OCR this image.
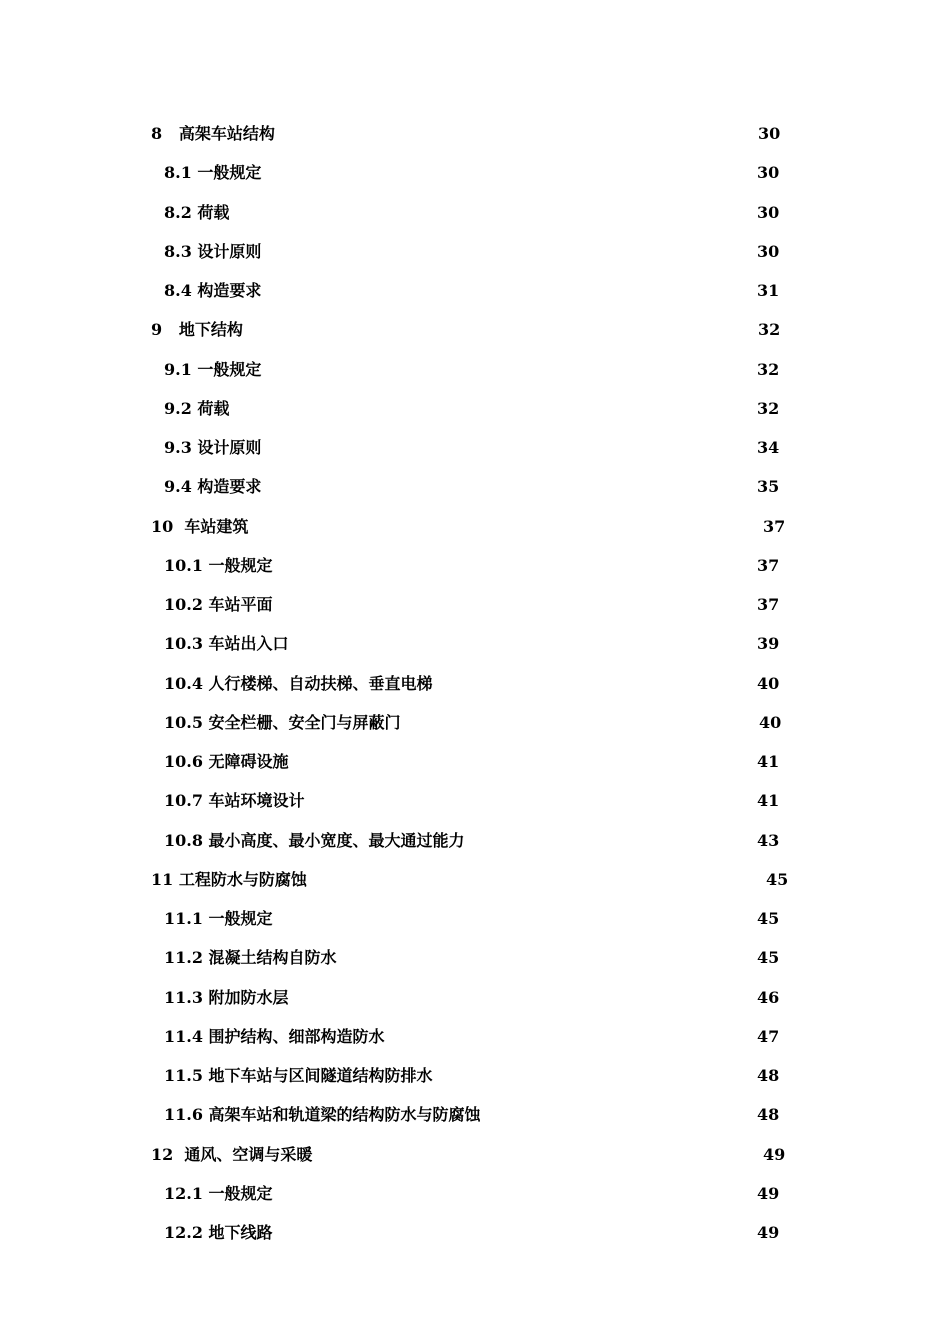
8   高架车站结构	30
8.1 一般规定	30
8.2 荷载	30
8.3 设计原则	30
8.4 构造要求	31
9   地下结构	32
9.1 一般规定	32
9.2 荷载	32
9.3 设计原则	34
9.4 构造要求	35
10  车站建筑	37
10.1 一般规定	37
10.2 车站平面	37
10.3 车站出入口	39
10.4 人行楼梯、自动扶梯、垂直电梯	40
10.5 安全栏栅、安全门与屏蔽门	40
10.6 无障碍设施	41
10.7 车站环境设计	41
10.8 最小高度、最小宽度、最大通过能力	43
11 工程防水与防腐蚀	45
11.1 一般规定	45
11.2 混凝土结构自防水	45
11.3 附加防水层	46
11.4 围护结构、细部构造防水	47
11.5 地下车站与区间隧道结构防排水	48
11.6 高架车站和轨道梁的结构防水与防腐蚀	48
12  通风、空调与采暖	49
12.1 一般规定	49
12.2 地下线路	49
